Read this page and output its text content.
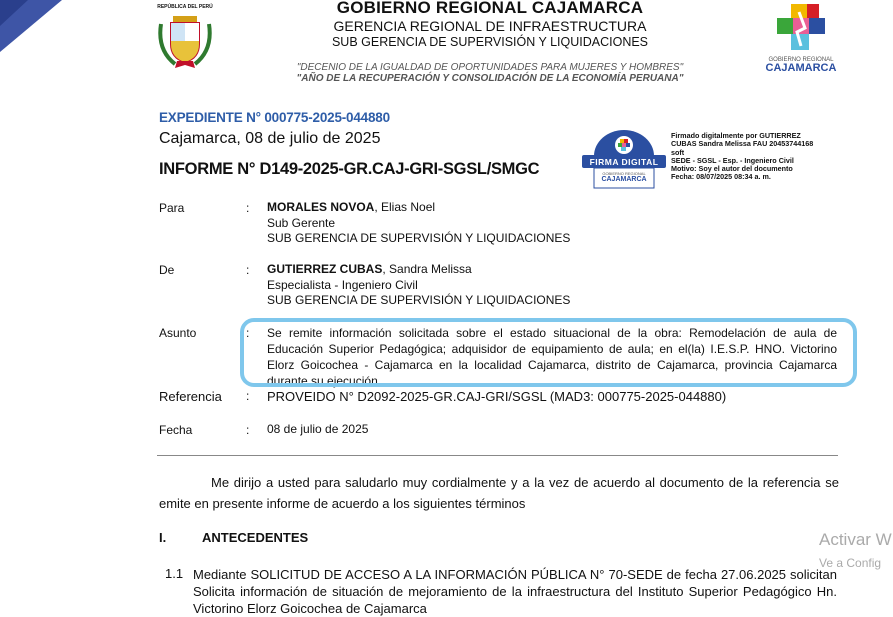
REPÚBLICA DEL PERÚ
GOBIERNO REGIONAL
CAJAMARCA
GOBIERNO REGIONAL CAJAMARCA
GERENCIA REGIONAL DE INFRAESTRUCTURA
SUB GERENCIA DE SUPERVISIÓN Y LIQUIDACIONES
"DECENIO DE LA IGUALDAD DE OPORTUNIDADES PARA MUJERES Y HOMBRES"
"AÑO DE LA RECUPERACIÓN Y CONSOLIDACIÓN DE LA ECONOMÍA PERUANA"
EXPEDIENTE N° 000775-2025-044880
Cajamarca, 08 de julio de 2025
INFORME N° D149-2025-GR.CAJ-GRI-SGSL/SMGC	FIRMA DIGITAL
GOBIERNO REGIONAL
CAJAMARCA
Firmado digitalmente por GUTIERREZ
CUBAS Sandra Melissa FAU 20453744168
soft
SEDE - SGSL - Esp. - Ingeniero Civil
Motivo: Soy el autor del documento
Fecha: 08/07/2025 08:34 a. m.
Para	: MORALES NOVOA, Elias Noel
Sub Gerente
SUB GERENCIA DE SUPERVISIÓN Y LIQUIDACIONES
De	: GUTIERREZ CUBAS, Sandra Melissa
Especialista - Ingeniero Civil
SUB GERENCIA DE SUPERVISIÓN Y LIQUIDACIONES
Asunto	: Se remite información solicitada sobre el estado situacional de la obra: Remodelación de aula de Educación Superior Pedagógica; adquisidor de equipamiento de aula; en el(la) I.E.S.P. HNO. Victorino Elorz Goicochea - Cajamarca en la localidad Cajamarca, distrito de Cajamarca, provincia Cajamarca durante su ejecución.
Referencia : PROVEIDO N° D2092-2025-GR.CAJ-GRI/SGSL (MAD3: 000775-2025-044880)
Fecha	: 08 de julio de 2025
Me dirijo a usted para saludarlo muy cordialmente y a la vez de acuerdo al documento de la referencia se emite en presente informe de acuerdo a los siguientes términos
I.	ANTECEDENTES
1.1 Mediante SOLICITUD DE ACCESO A LA INFORMACIÓN PÚBLICA N° 70-SEDE de fecha 27.06.2025 solicitan Solicita información de situación de mejoramiento de la infraestructura del Instituto Superior Pedagógico Hn. Victorino Elorz Goicochea de Cajamarca
Activar W
Ve a Config
